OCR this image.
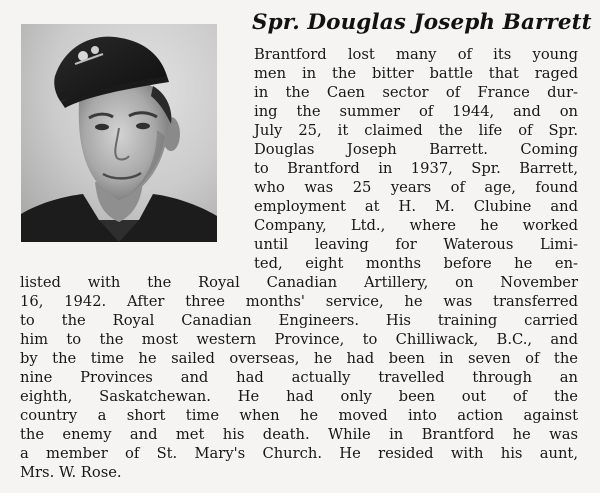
Spr. Douglas Joseph Barrett
Brantford lost many of its young
men in the bitter battle that raged
in the Caen sector of France dur-
ing the summer of 1944, and on
July 25, it claimed the life of Spr.
Douglas Joseph Barrett. Coming
to Brantford in 1937, Spr. Barrett,
who was 25 years of age, found
employment at H. M. Clubine and
Company, Ltd., where he worked
until leaving for Waterous Limi-
ted, eight months before he en-
listed with the Royal Canadian Artillery, on November
16, 1942. After three months' service, he was transferred
to the Royal Canadian Engineers. His training carried
him to the most western Province, to Chilliwack, B.C., and
by the time he sailed overseas, he had been in seven of the
nine Provinces and had actually travelled through an
eighth, Saskatchewan. He had only been out of the
country a short time when he moved into action against
the enemy and met his death. While in Brantford he was
a member of St. Mary's Church. He resided with his aunt,
Mrs. W. Rose.
